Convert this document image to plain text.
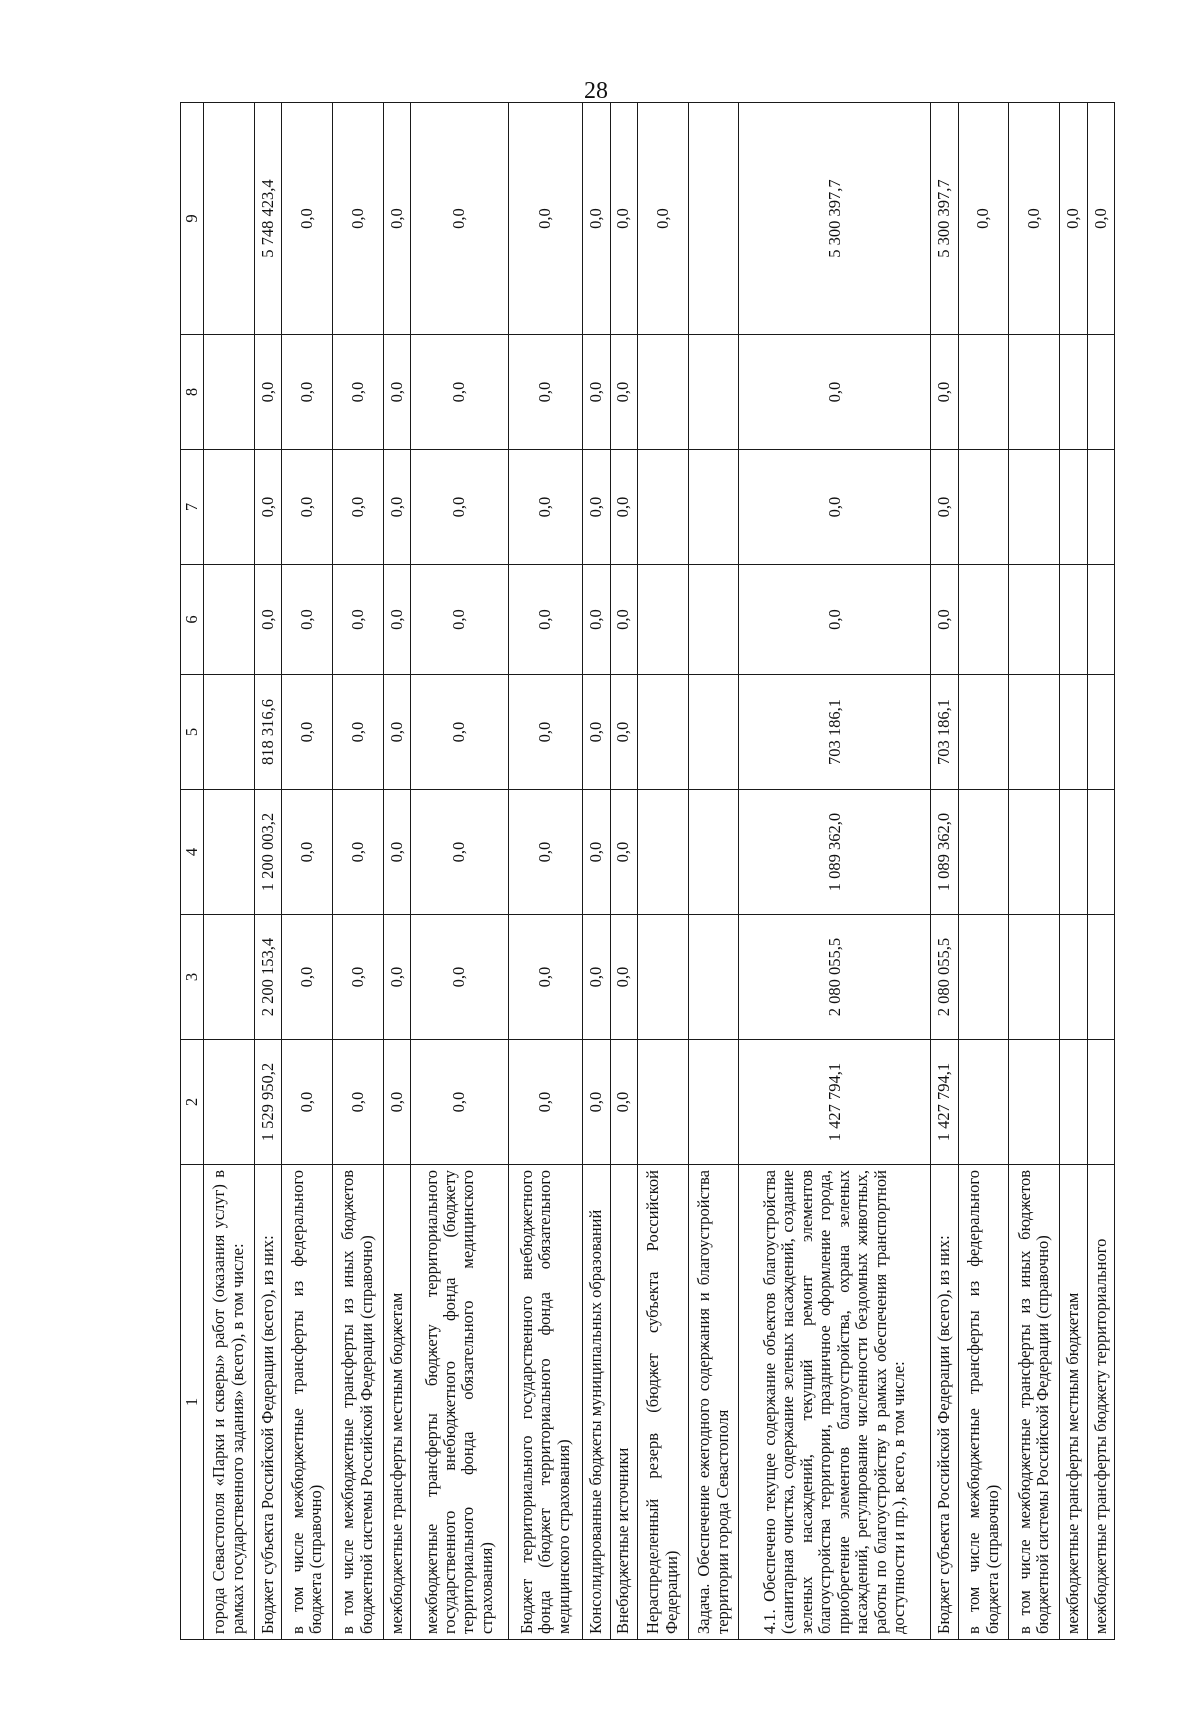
28
1	2	3	4	5	6	7	8	9
города Севастополя «Парки и скверы» работ (оказания услуг) в рамках государственного задания» (всего), в том числе:								
Бюджет субъекта Российской Федерации (всего), из них:	1 529 950,2	2 200 153,4	1 200 003,2	818 316,6	0,0	0,0	0,0	5 748 423,4
в том числе межбюджетные трансферты из федерального бюджета (справочно)	0,0	0,0	0,0	0,0	0,0	0,0	0,0	0,0
в том числе межбюджетные трансферты из иных бюджетов бюджетной системы Российской Федерации (справочно)	0,0	0,0	0,0	0,0	0,0	0,0	0,0	0,0
межбюджетные трансферты местным бюджетам	0,0	0,0	0,0	0,0	0,0	0,0	0,0	0,0
межбюджетные трансферты бюджету территориального государственного внебюджетного фонда (бюджету территориального фонда обязательного медицинского страхования)	0,0	0,0	0,0	0,0	0,0	0,0	0,0	0,0
Бюджет территориального государственного внебюджетного фонда (бюджет территориального фонда обязательного медицинского страхования)	0,0	0,0	0,0	0,0	0,0	0,0	0,0	0,0
Консолидированные бюджеты муниципальных образований	0,0	0,0	0,0	0,0	0,0	0,0	0,0	0,0
Внебюджетные источники	0,0	0,0	0,0	0,0	0,0	0,0	0,0	0,0
Нераспределенный резерв (бюджет субъекта Российской Федерации)								0,0
Задача. Обеспечение ежегодного содержания и благоустройства территории города Севастополя								
4.1. Обеспечено текущее содержание объектов благоустройства (санитарная очистка, содержание зеленых насаждений, создание зеленых насаждений, текущий ремонт элементов благоустройства территории, праздничное оформление города, приобретение элементов благоустройства, охрана зеленых насаждений, регулирование численности бездомных животных, работы по благоустройству в рамках обеспечения транспортной доступности и пр.), всего, в том числе:	1 427 794,1	2 080 055,5	1 089 362,0	703 186,1	0,0	0,0	0,0	5 300 397,7
Бюджет субъекта Российской Федерации (всего), из них:	1 427 794,1	2 080 055,5	1 089 362,0	703 186,1	0,0	0,0	0,0	5 300 397,7
в том числе межбюджетные трансферты из федерального бюджета (справочно)								0,0
в том числе межбюджетные трансферты из иных бюджетов бюджетной системы Российской Федерации (справочно)								0,0
межбюджетные трансферты местным бюджетам								0,0
межбюджетные трансферты бюджету территориального								0,0
